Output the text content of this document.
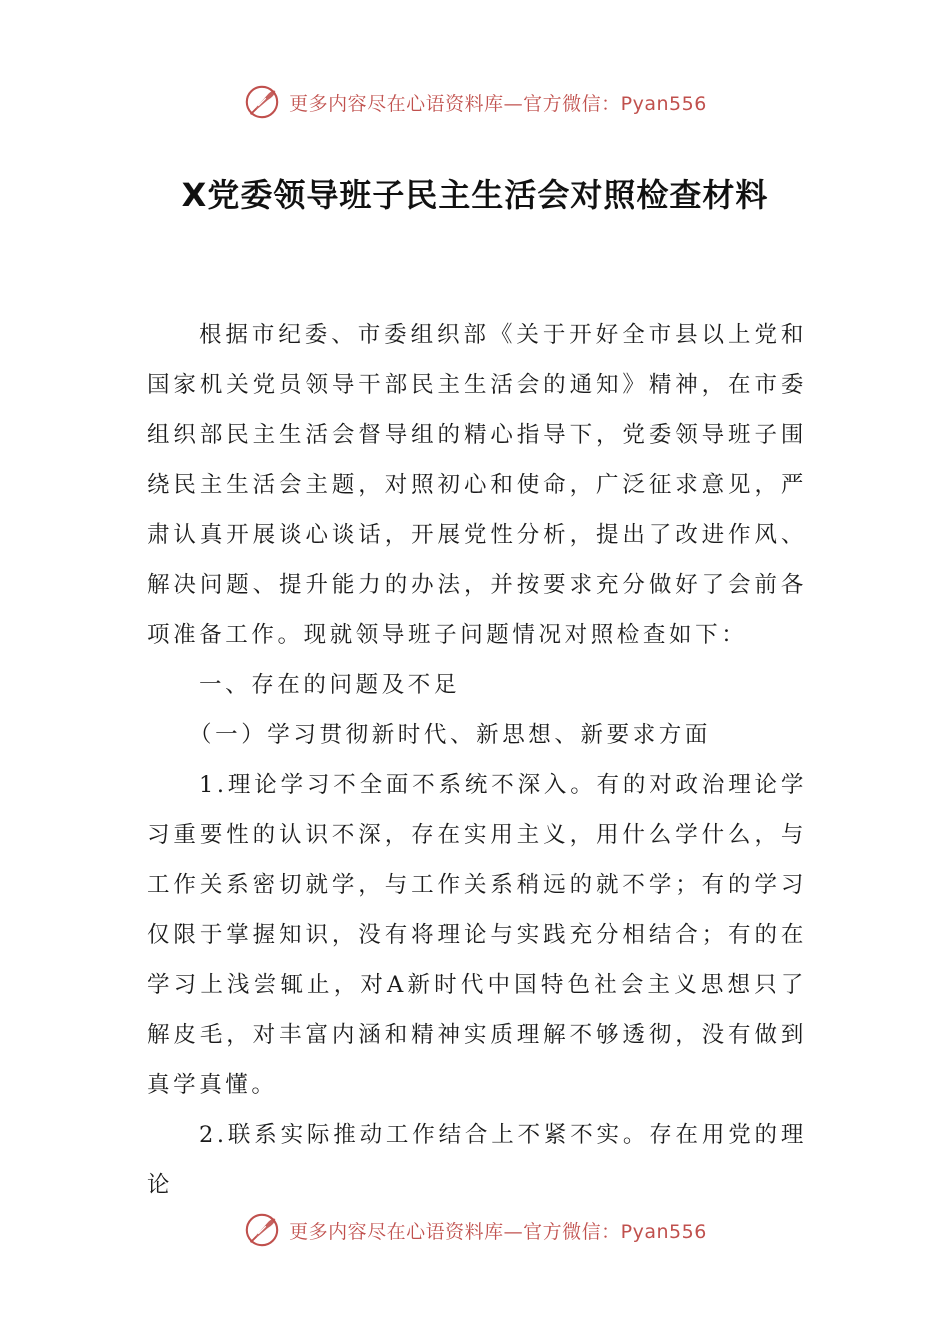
更多内容尽在心语资料库—官方微信：Pyan556
X党委领导班子民主生活会对照检查材料

根据市纪委、市委组织部《关于开好全市县以上党和国家机关党员领导干部民主生活会的通知》精神，在市委组织部民主生活会督导组的精心指导下，党委领导班子围绕民主生活会主题，对照初心和使命，广泛征求意见，严肃认真开展谈心谈话，开展党性分析，提出了改进作风、解决问题、提升能力的办法，并按要求充分做好了会前各项准备工作。现就领导班子问题情况对照检查如下：

一、存在的问题及不足

（一）学习贯彻新时代、新思想、新要求方面

1.理论学习不全面不系统不深入。有的对政治理论学习重要性的认识不深，存在实用主义，用什么学什么，与工作关系密切就学，与工作关系稍远的就不学；有的学习仅限于掌握知识，没有将理论与实践充分相结合；有的在学习上浅尝辄止，对A新时代中国特色社会主义思想只了解皮毛，对丰富内涵和精神实质理解不够透彻，没有做到真学真懂。

2.联系实际推动工作结合上不紧不实。存在用党的理论

更多内容尽在心语资料库—官方微信：Pyan556
